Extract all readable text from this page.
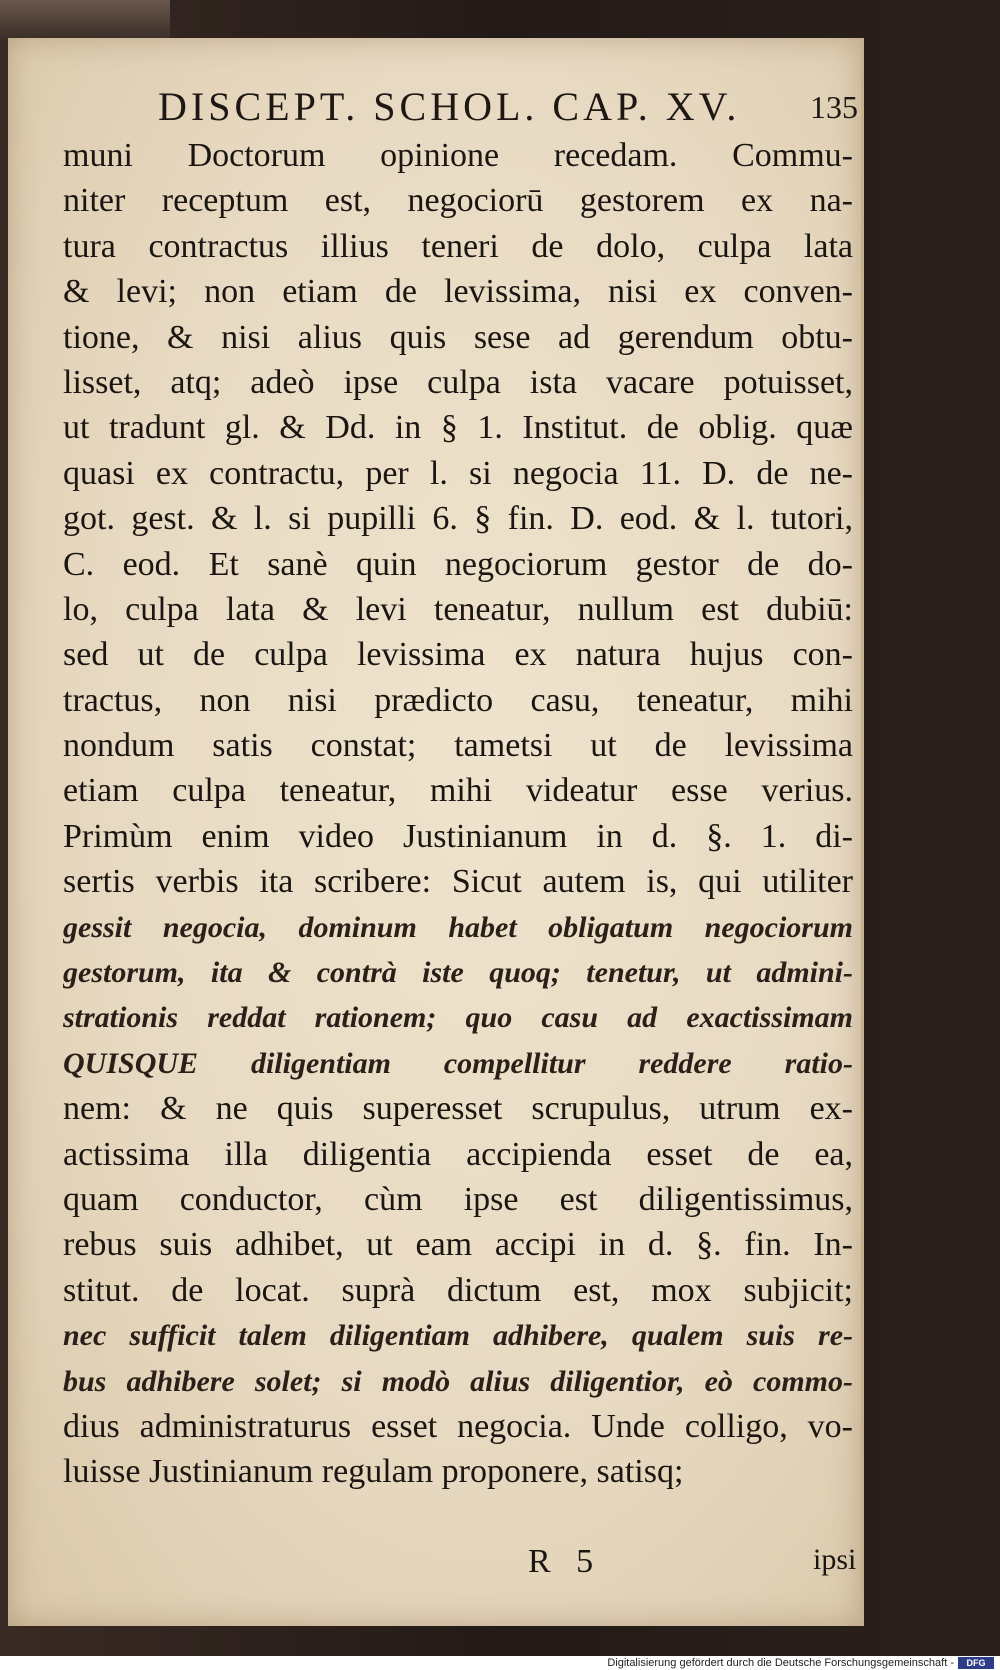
DISCEPT. SCHOL. CAP. XV. 135
muni Doctorum opinione recedam. Commu-
niter receptum est, negociorū gestorem ex na-
tura contractus illius teneri de dolo, culpa lata
& levi; non etiam de levissima, nisi ex conven-
tione, & nisi alius quis sese ad gerendum obtu-
lisset, atq; adeò ipse culpa ista vacare potuisset,
ut tradunt gl. & Dd. in § 1. Institut. de oblig. quæ
quasi ex contractu, per l. si negocia 11. D. de ne-
got. gest. & l. si pupilli 6. § fin. D. eod. & l. tutori,
C. eod. Et sanè quin negociorum gestor de do-
lo, culpa lata & levi teneatur, nullum est dubiū:
sed ut de culpa levissima ex natura hujus con-
tractus, non nisi prædicto casu, teneatur, mihi
nondum satis constat; tametsi ut de levissima
etiam culpa teneatur, mihi videatur esse verius.
Primùm enim video Justinianum in d. §. 1. di-
sertis verbis ita scribere: Sicut autem is, qui utiliter
gessit negocia, dominum habet obligatum negociorum
gestorum, ita & contrà iste quoq; tenetur, ut admini-
strationis reddat rationem; quo casu ad exactissimam
QUISQUE diligentiam compellitur reddere ratio-
nem: & ne quis superesset scrupulus, utrum ex-
actissima illa diligentia accipienda esset de ea,
quam conductor, cùm ipse est diligentissimus,
rebus suis adhibet, ut eam accipi in d. §. fin. In-
stitut. de locat. suprà dictum est, mox subjicit;
nec sufficit talem diligentiam adhibere, qualem suis re-
bus adhibere solet; si modò alius diligentior, eò commo-
dius administraturus esset negocia. Unde colligo, vo-
luisse Justinianum regulam proponere, satisq;
R   5	ipsi
Digitalisierung gefördert durch die Deutsche Forschungsgemeinschaft -	DFG
